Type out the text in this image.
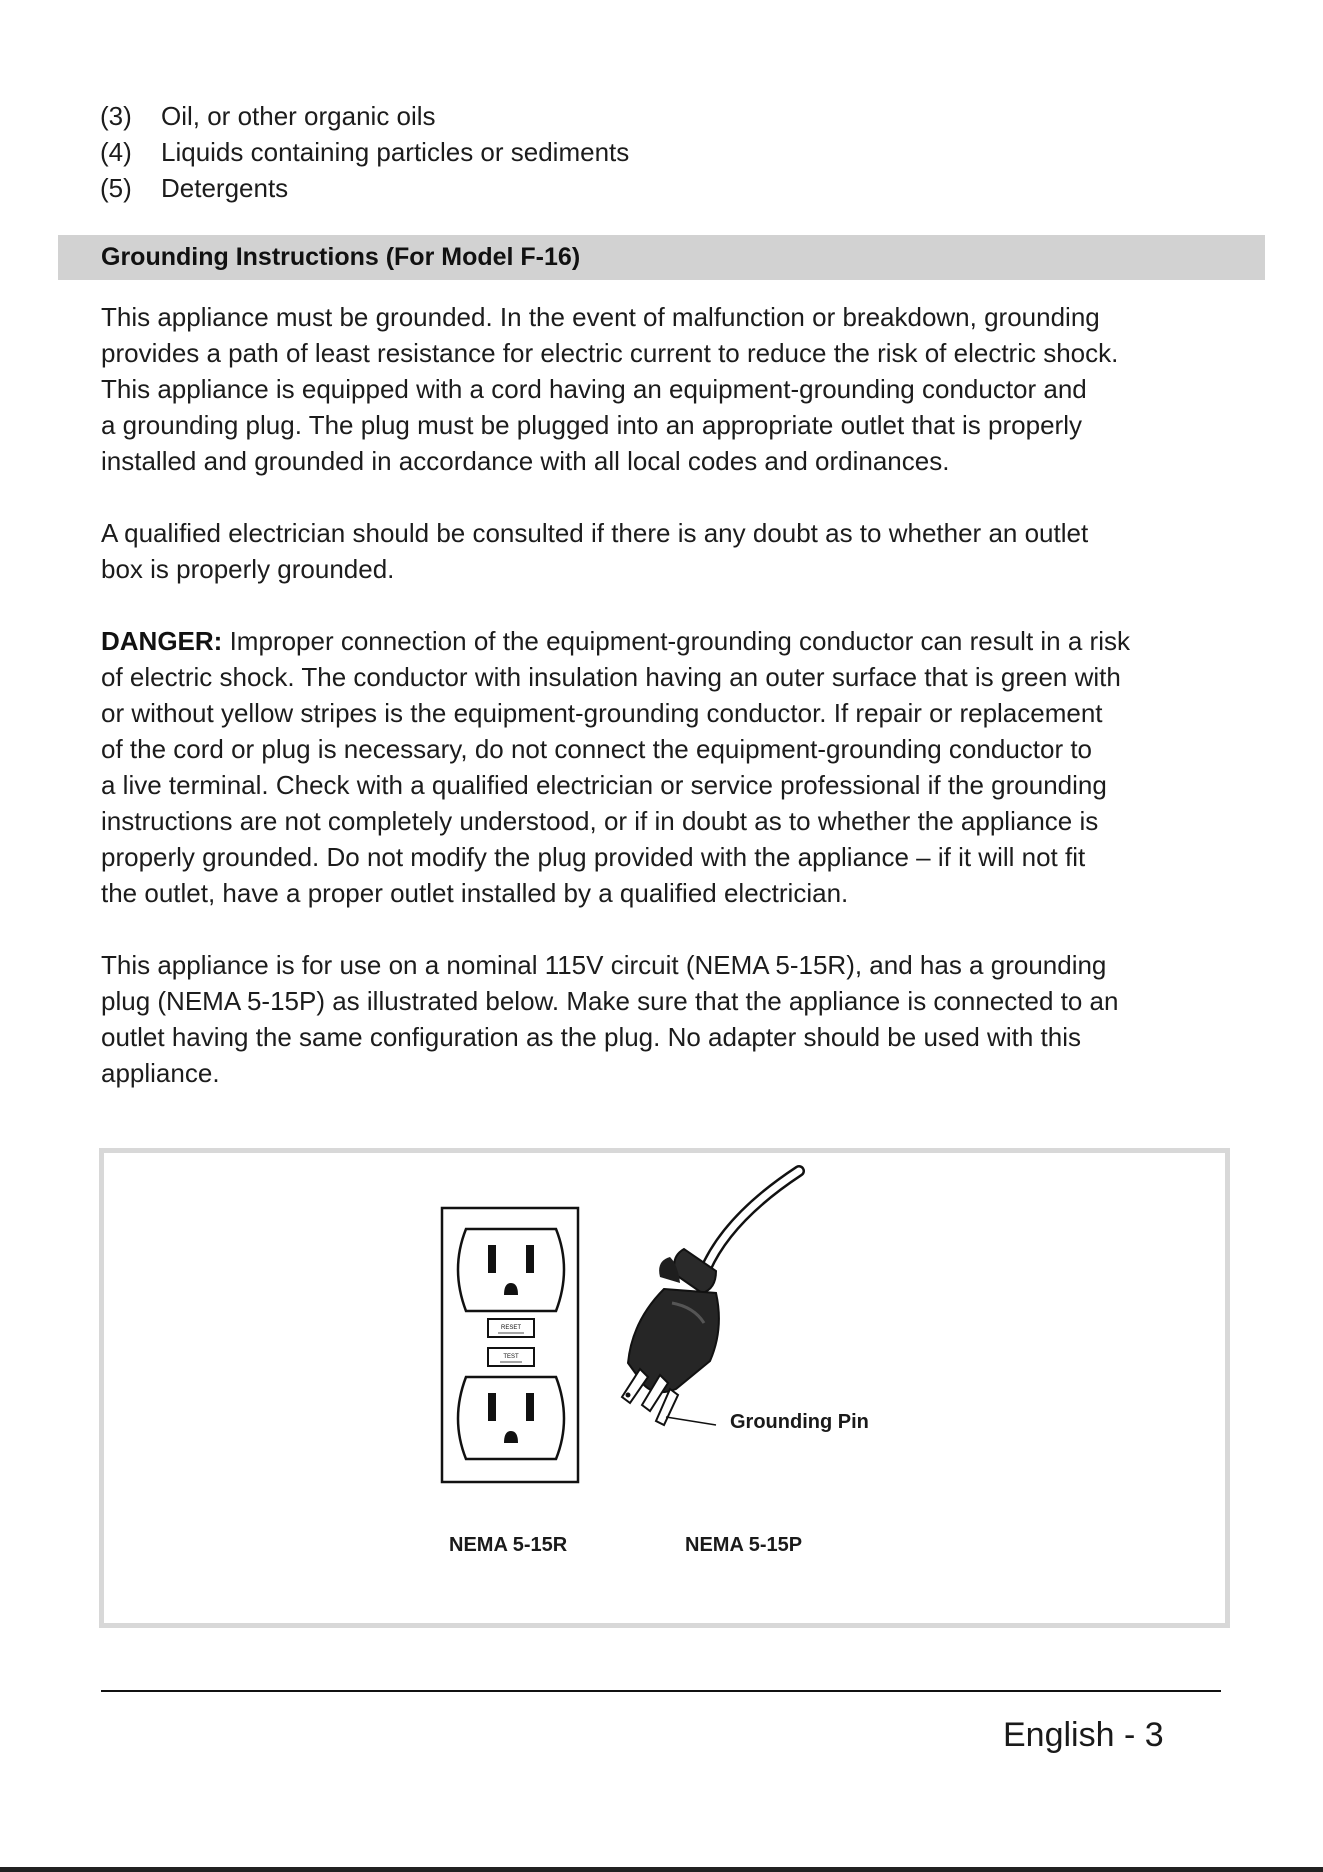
(3) Oil, or other organic oils
(4) Liquids containing particles or sediments
(5) Detergents
Grounding Instructions (For Model F-16)

This appliance must be grounded. In the event of malfunction or breakdown, grounding
provides a path of least resistance for electric current to reduce the risk of electric shock.
This appliance is equipped with a cord having an equipment-grounding conductor and
a grounding plug. The plug must be plugged into an appropriate outlet that is properly
installed and grounded in accordance with all local codes and ordinances.

A qualified electrician should be consulted if there is any doubt as to whether an outlet
box is properly grounded.

DANGER: Improper connection of the equipment-grounding conductor can result in a risk
of electric shock. The conductor with insulation having an outer surface that is green with
or without yellow stripes is the equipment-grounding conductor. If repair or replacement
of the cord or plug is necessary, do not connect the equipment-grounding conductor to
a live terminal. Check with a qualified electrician or service professional if the grounding
instructions are not completely understood, or if in doubt as to whether the appliance is
properly grounded. Do not modify the plug provided with the appliance – if it will not fit
the outlet, have a proper outlet installed by a qualified electrician.

This appliance is for use on a nominal 115V circuit (NEMA 5-15R), and has a grounding
plug (NEMA 5-15P) as illustrated below. Make sure that the appliance is connected to an
outlet having the same configuration as the plug. No adapter should be used with this
appliance.

RESET
TEST
Grounding Pin
NEMA 5-15R	NEMA 5-15P
English - 3
